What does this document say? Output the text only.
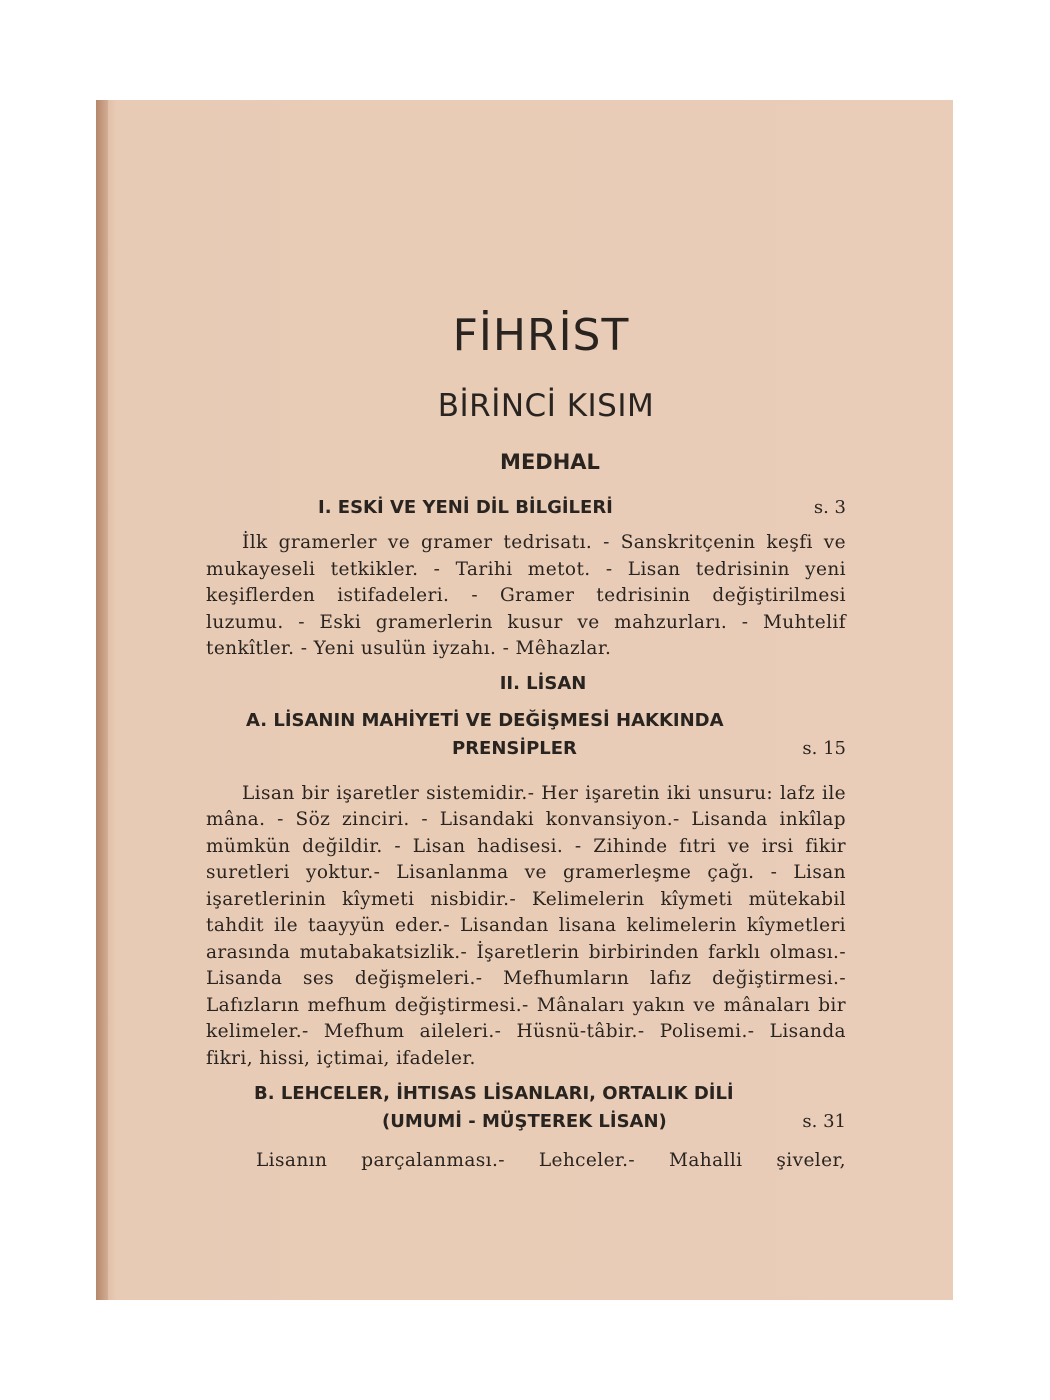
FİHRİST
BİRİNCİ KISIM
MEDHAL
I. ESKİ VE YENİ DİL BİLGİLERİ	s. 3

İlk gramerler ve gramer tedrisatı. - Sanskritçenin keşfi ve mukayeseli tetkikler. - Tarihi metot. - Lisan tedrisinin yeni keşiflerden istifadeleri. - Gramer tedrisinin değiştirilmesi luzumu. - Eski gramerlerin kusur ve mahzurları. - Muhtelif tenkîtler. - Yeni usulün iyzahı. - Mêhazlar.

II. LİSAN
A. LİSANIN MAHİYETİ VE DEĞİŞMESİ HAKKINDA
PRENSİPLER	s. 15

Lisan bir işaretler sistemidir.- Her işaretin iki unsuru: lafz ile mâna. - Söz zinciri. - Lisandaki konvansiyon.- Lisanda inkîlap mümkün değildir. - Lisan hadisesi. - Zihinde fıtri ve irsi fikir suretleri yoktur.- Lisanlanma ve gramerleşme çağı. - Lisan işaretlerinin kîymeti nisbidir.- Kelimelerin kîymeti mütekabil tahdit ile taayyün eder.- Lisandan lisana kelimelerin kîymetleri arasında mutabakatsizlik.- İşaretlerin birbirinden farklı olması.- Lisanda ses değişmeleri.- Mefhumların lafız değiştirmesi.- Lafızların mefhum değiştirmesi.- Mânaları yakın ve mânaları bir kelimeler.- Mefhum aileleri.- Hüsnü-tâbir.- Polisemi.- Lisanda fikri, hissi, içtimai, ifadeler.

B. LEHCELER, İHTISAS LİSANLARI, ORTALIK DİLİ
(UMUMİ - MÜŞTEREK LİSAN)	s. 31
Lisanın parçalanması.- Lehceler.- Mahalli şiveler,
